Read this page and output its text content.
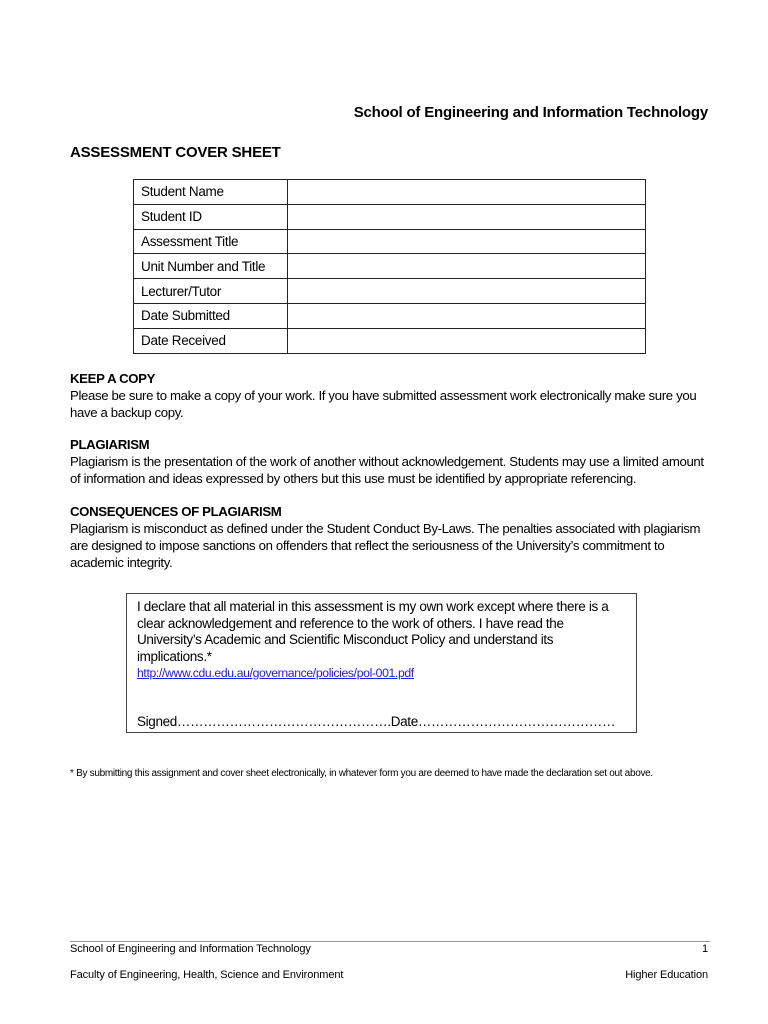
School of Engineering and Information Technology
ASSESSMENT COVER SHEET
Student Name	
Student ID	
Assessment Title	
Unit Number and Title	
Lecturer/Tutor	
Date Submitted	
Date Received	
KEEP A COPY

Please be sure to make a copy of your work. If you have submitted assessment work electronically make sure you have a backup copy.

PLAGIARISM

Plagiarism is the presentation of the work of another without acknowledgement. Students may use a limited amount of information and ideas expressed by others but this use must be identified by appropriate referencing.

CONSEQUENCES OF PLAGIARISM

Plagiarism is misconduct as defined under the Student Conduct By-Laws. The penalties associated with plagiarism are designed to impose sanctions on offenders that reflect the seriousness of the University’s commitment to academic integrity.

I declare that all material in this assessment is my own work except where there is a clear acknowledgement and reference to the work of others. I have read the University’s Academic and Scientific Misconduct Policy and understand its implications.*
http://www.cdu.edu.au/governance/policies/pol-001.pdf
Signed………………………………………….Date………………………………………
* By submitting this assignment and cover sheet electronically, in whatever form you are deemed to have made the declaration set out above.
School of Engineering and Information Technology	1
Faculty of Engineering, Health, Science and Environment	Higher Education
